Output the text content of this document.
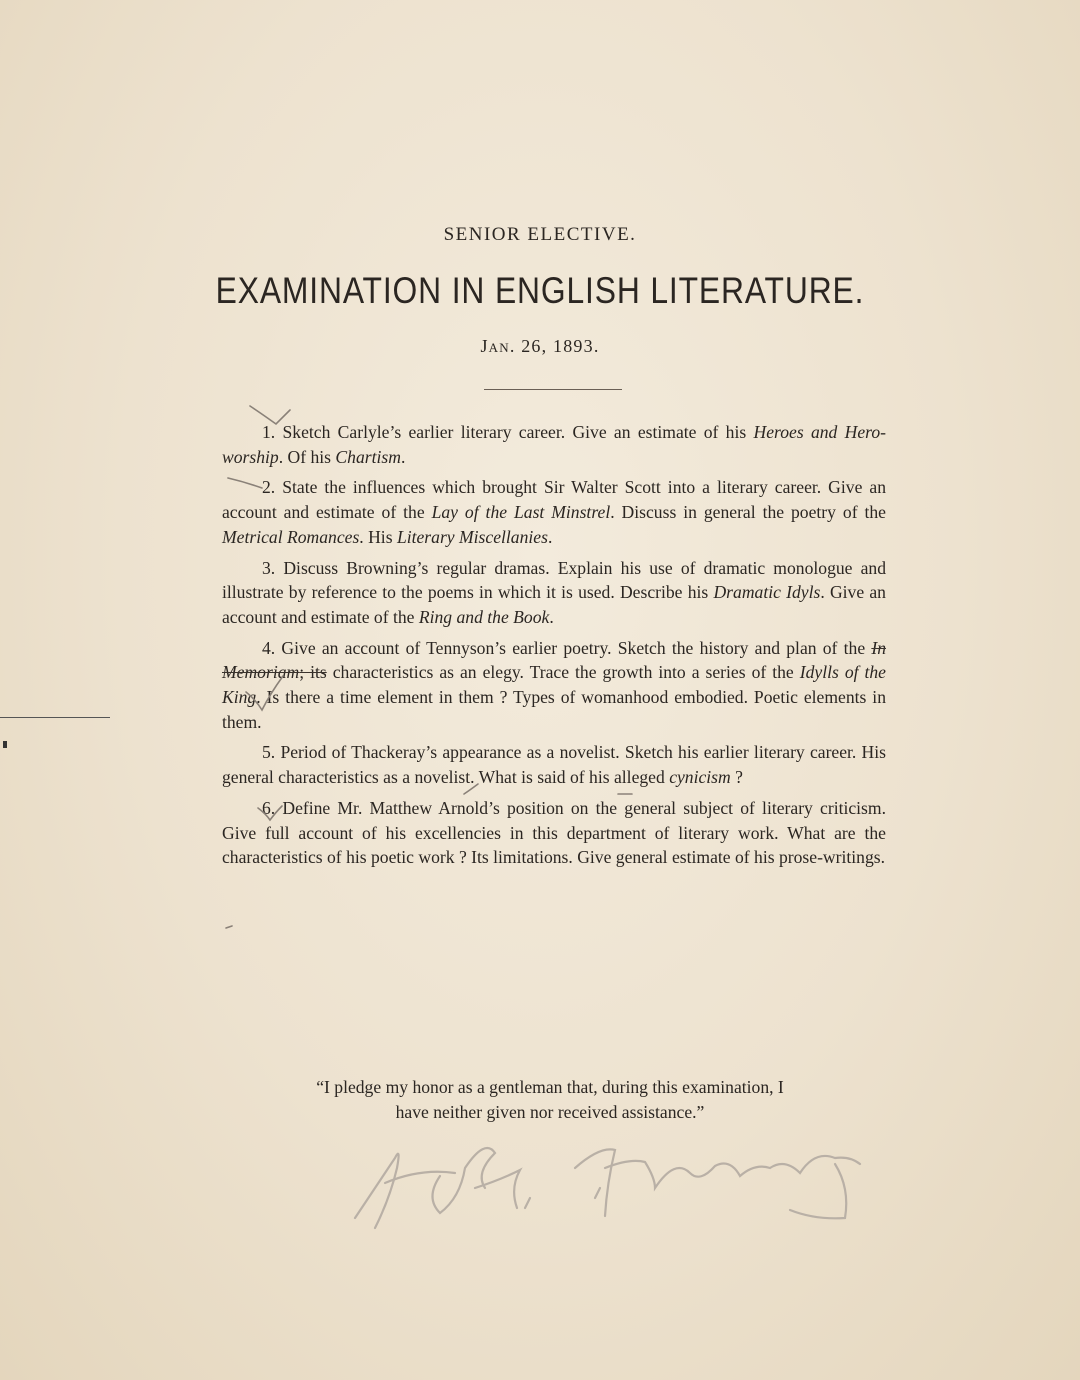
SENIOR ELECTIVE.
EXAMINATION IN ENGLISH LITERATURE.
Jan. 26, 1893.

1. Sketch Carlyle’s earlier literary career. Give an estimate of his Heroes and Hero-worship. Of his Chartism.

2. State the influences which brought Sir Walter Scott into a literary career. Give an account and estimate of the Lay of the Last Minstrel. Discuss in general the poetry of the Metrical Romances. His Literary Miscellanies.

3. Discuss Browning’s regular dramas. Explain his use of dramatic monologue and illustrate by reference to the poems in which it is used. Describe his Dramatic Idyls. Give an account and estimate of the Ring and the Book.

4. Give an account of Tennyson’s earlier poetry. Sketch the history and plan of the In Memoriam; its characteristics as an elegy. Trace the growth into a series of the Idylls of the King. Is there a time element in them ? Types of womanhood embodied. Poetic elements in them.

5. Period of Thackeray’s appearance as a novelist. Sketch his earlier literary career. His general characteristics as a novelist. What is said of his alleged cynicism ?

6. Define Mr. Matthew Arnold’s position on the general subject of literary criticism. Give full account of his excellencies in this department of literary work. What are the characteristics of his poetic work ? Its limitations. Give general estimate of his prose-writings.

“I pledge my honor as a gentleman that, during this examination, I
have neither given nor received assistance.”
